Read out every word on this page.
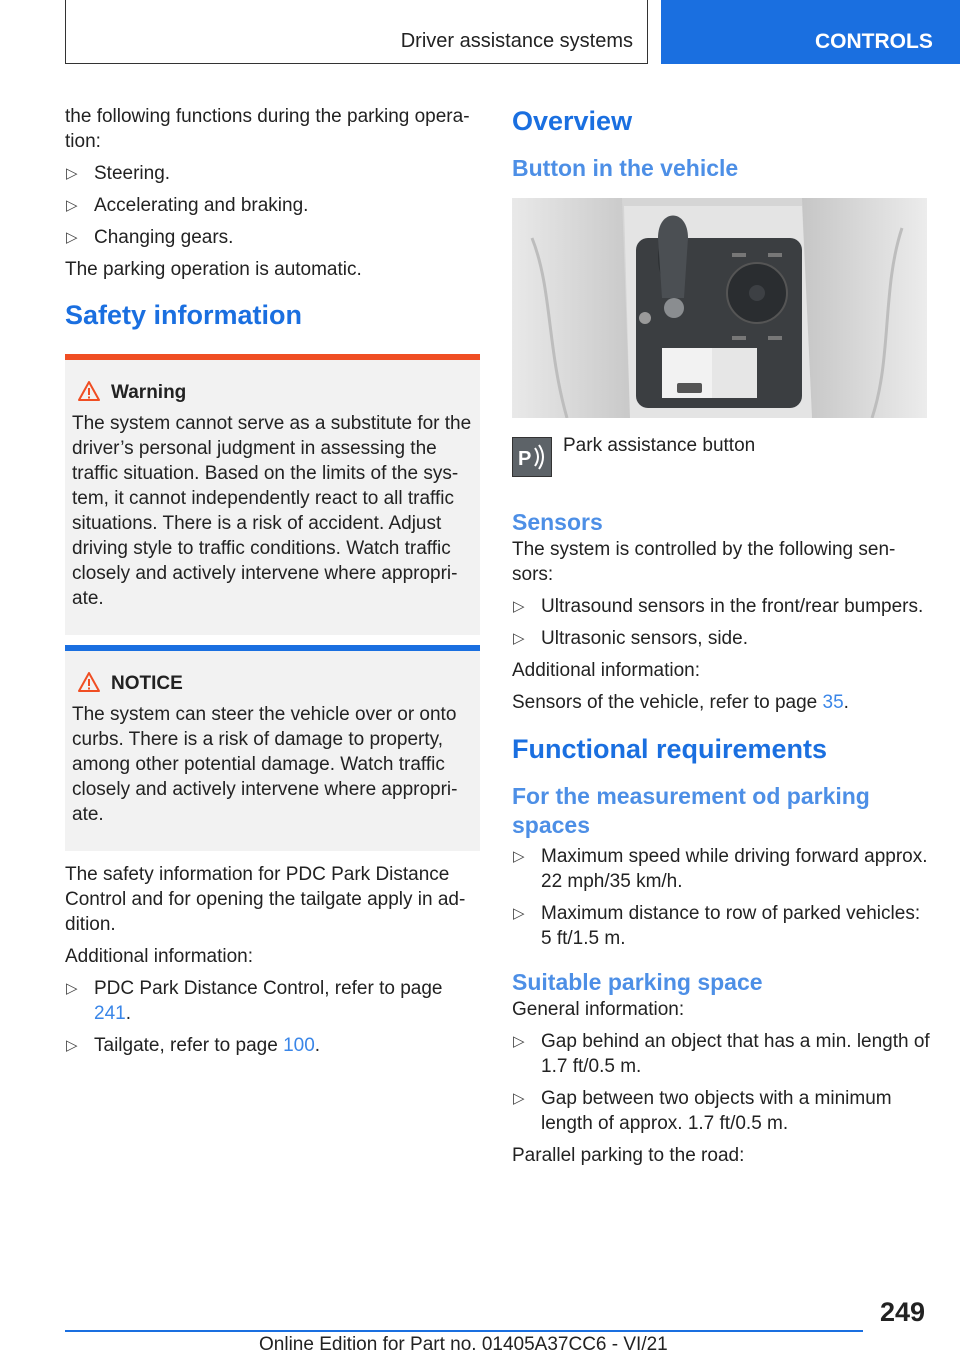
Driver assistance systems	CONTROLS

the following functions during the parking opera-tion:

▷ Steering.
▷ Accelerating and braking.
▷ Changing gears.

The parking operation is automatic.

Safety information
Warning
The system cannot serve as a substitute for the driver’s personal judgment in assessing the traffic situation. Based on the limits of the sys-tem, it cannot independently react to all traffic situations. There is a risk of accident. Adjust driving style to traffic conditions. Watch traffic closely and actively intervene where appropri-ate.
NOTICE
The system can steer the vehicle over or onto curbs. There is a risk of damage to property, among other potential damage. Watch traffic closely and actively intervene where appropri-ate.

The safety information for PDC Park Distance Control and for opening the tailgate apply in ad-dition.

Additional information:

▷ PDC Park Distance Control, refer to page 241.
▷ Tailgate, refer to page 100.
Overview
Button in the vehicle
P
Park assistance button
Sensors

The system is controlled by the following sen-sors:

▷ Ultrasound sensors in the front/rear bumpers.
▷ Ultrasonic sensors, side.

Additional information:

Sensors of the vehicle, refer to page 35.

Functional requirements
For the measurement od parking spaces
▷ Maximum speed while driving forward approx. 22 mph/35 km/h.
▷ Maximum distance to row of parked vehicles: 5 ft/1.5 m.
Suitable parking space

General information:

▷ Gap behind an object that has a min. length of 1.7 ft/0.5 m.
▷ Gap between two objects with a minimum length of approx. 1.7 ft/0.5 m.

Parallel parking to the road:

249
Online Edition for Part no. 01405A37CC6 - VI/21
